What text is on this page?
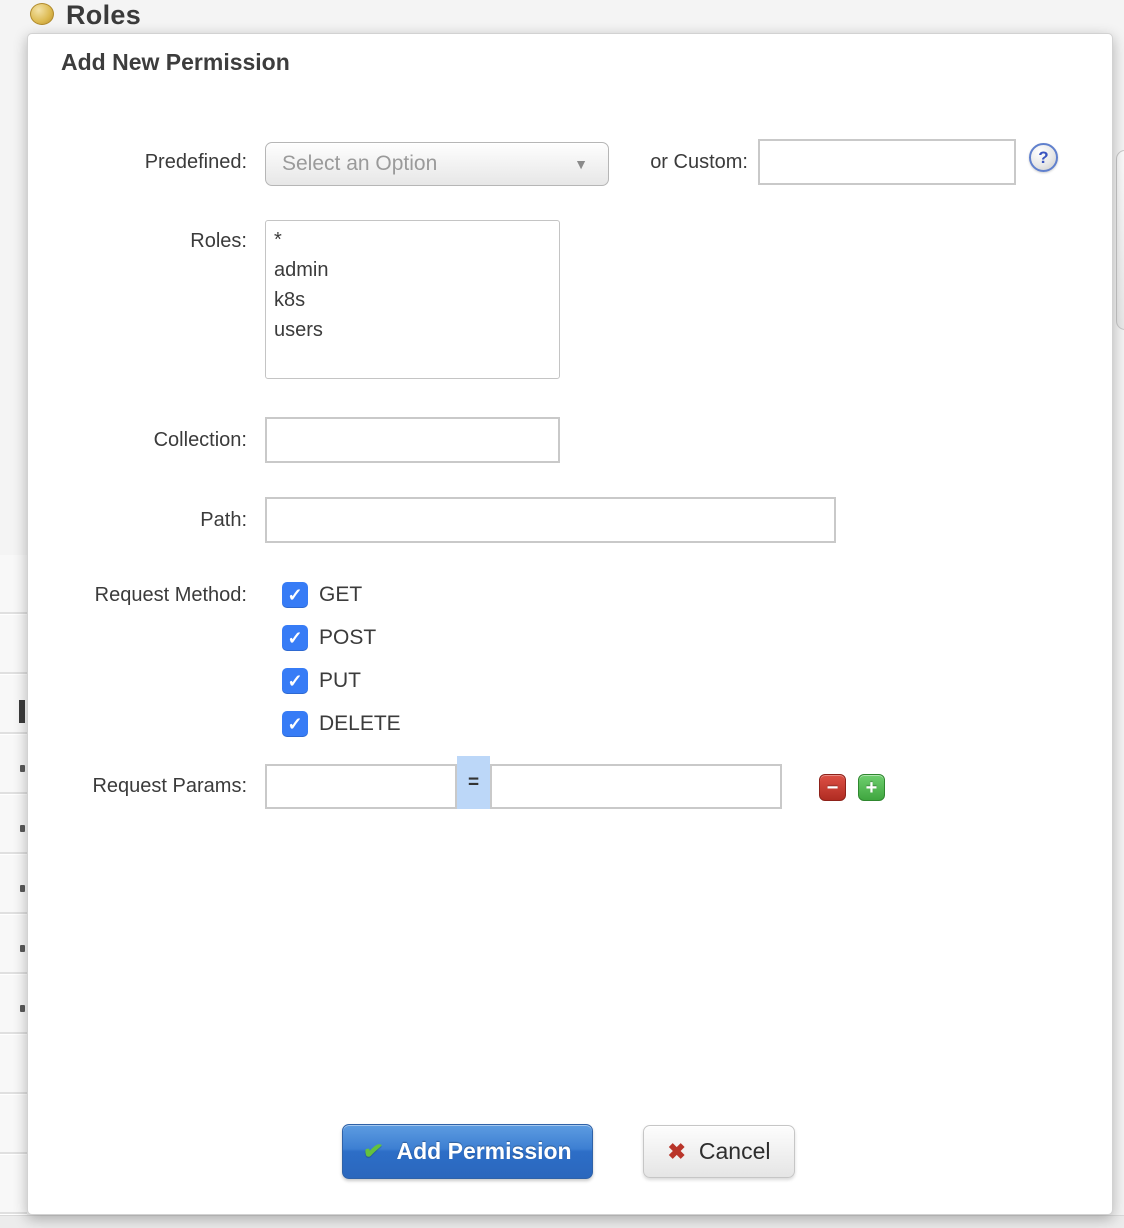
Roles
Add New Permission
Predefined: Select an Option	▼	or Custom:	?
Roles: *
admin
k8s
users
Collection:
Path:
Request Method: ✓ GET
✓ POST
✓ PUT
✓ DELETE
Request Params:	=	− +
✔ Add Permission	✖ Cancel
